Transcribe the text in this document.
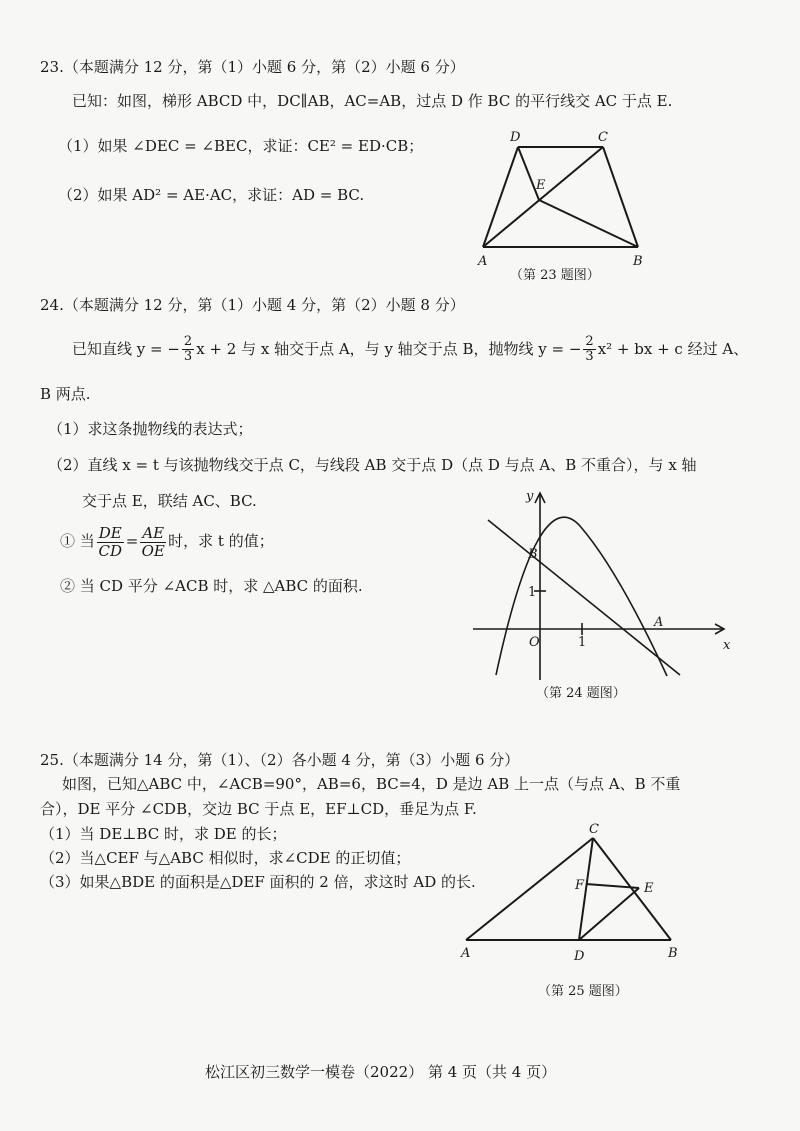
23.（本题满分 12 分，第（1）小题 6 分，第（2）小题 6 分）
已知：如图，梯形 ABCD 中，DC∥AB，AC=AB，过点 D 作 BC 的平行线交 AC 于点 E.
（1）如果 ∠DEC = ∠BEC，求证：CE² = ED·CB；
（2）如果 AD² = AE·AC，求证：AD = BC.
D	C
E
A	B
（第 23 题图）
24.（本题满分 12 分，第（1）小题 4 分，第（2）小题 8 分）
已知直线 y = − $\frac{2}{3}$ x + 2 与 x 轴交于点 A，与 y 轴交于点 B，抛物线 y = − $\frac{2}{3} x^2$ + bx + c 经过 A、
B 两点.
（1）求这条抛物线的表达式；
（2）直线 x = t 与该抛物线交于点 C，与线段 AB 交于点 D（点 D 与点 A、B 不重合），与 x 轴
交于点 E，联结 AC、BC.
① 当 $\frac{DE}{CD} = \frac{AE}{OE}$ 时，求 t 的值；
② 当 CD 平分 ∠ACB 时，求 △ABC 的面积.
y
x
O
A
B
1
1
（第 24 题图）
25.（本题满分 14 分，第（1）、（2）各小题 4 分，第（3）小题 6 分）
如图，已知△ABC 中，∠ACB=90°，AB=6，BC=4，D 是边 AB 上一点（与点 A、B 不重
合），DE 平分 ∠CDB，交边 BC 于点 E，EF⊥CD，垂足为点 F.
（1）当 DE⊥BC 时，求 DE 的长；
（2）当△CEF 与△ABC 相似时，求∠CDE 的正切值；
（3）如果△BDE 的面积是△DEF 面积的 2 倍，求这时 AD 的长.
C
F	E
A	D	B
（第 25 题图）
松江区初三数学一模卷（2022） 第 4 页（共 4 页）
